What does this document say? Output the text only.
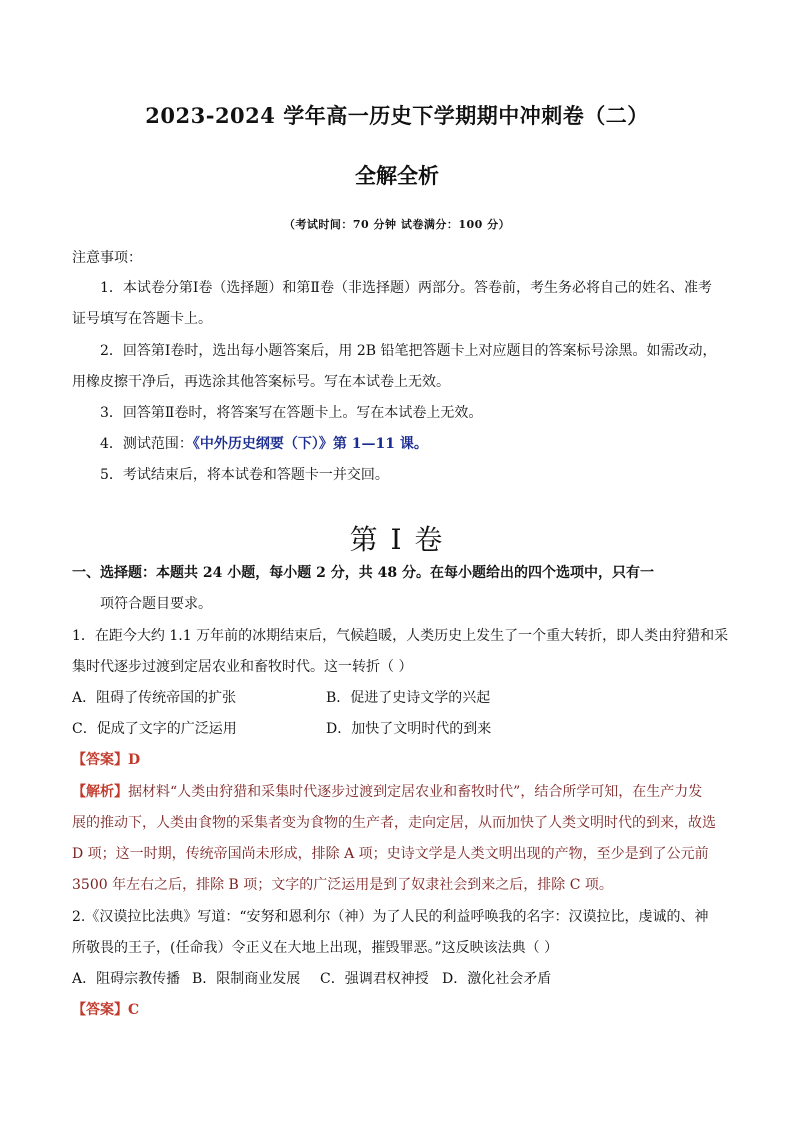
2023-2024 学年高一历史下学期期中冲刺卷（二）
全解全析
（考试时间：70 分钟 试卷满分：100 分）
注意事项：
1．本试卷分第Ⅰ卷（选择题）和第Ⅱ卷（非选择题）两部分。答卷前，考生务必将自己的姓名、准考
证号填写在答题卡上。
2．回答第Ⅰ卷时，选出每小题答案后，用 2B 铅笔把答题卡上对应题目的答案标号涂黑。如需改动，
用橡皮擦干净后，再选涂其他答案标号。写在本试卷上无效。
3．回答第Ⅱ卷时，将答案写在答题卡上。写在本试卷上无效。
4．测试范围：《中外历史纲要（下）》第 1—11 课。
5．考试结束后，将本试卷和答题卡一并交回。
第 I 卷
一、选择题：本题共 24 小题，每小题 2 分，共 48 分。在每小题给出的四个选项中，只有一
项符合题目要求。
1．在距今大约 1.1 万年前的冰期结束后，气候趋暖，人类历史上发生了一个重大转折，即人类由狩猎和采
集时代逐步过渡到定居农业和畜牧时代。这一转折（ ）
A．阻碍了传统帝国的扩张	B．促进了史诗文学的兴起
C．促成了文字的广泛运用	D．加快了文明时代的到来
【答案】D
【解析】据材料“人类由狩猎和采集时代逐步过渡到定居农业和畜牧时代”，结合所学可知，在生产力发
展的推动下，人类由食物的采集者变为食物的生产者，走向定居，从而加快了人类文明时代的到来，故选
D 项；这一时期，传统帝国尚未形成，排除 A 项；史诗文学是人类文明出现的产物，至少是到了公元前
3500 年左右之后，排除 B 项；文字的广泛运用是到了奴隶社会到来之后，排除 C 项。
2.《汉谟拉比法典》写道：“安努和恩利尔（神）为了人民的利益呼唤我的名字：汉谟拉比，虔诚的、神
所敬畏的王子，(任命我）令正义在大地上出现，摧毁罪恶。”这反映该法典（ ）
A．阻碍宗教传播 B．限制商业发展 C．强调君权神授 D．激化社会矛盾
【答案】C
